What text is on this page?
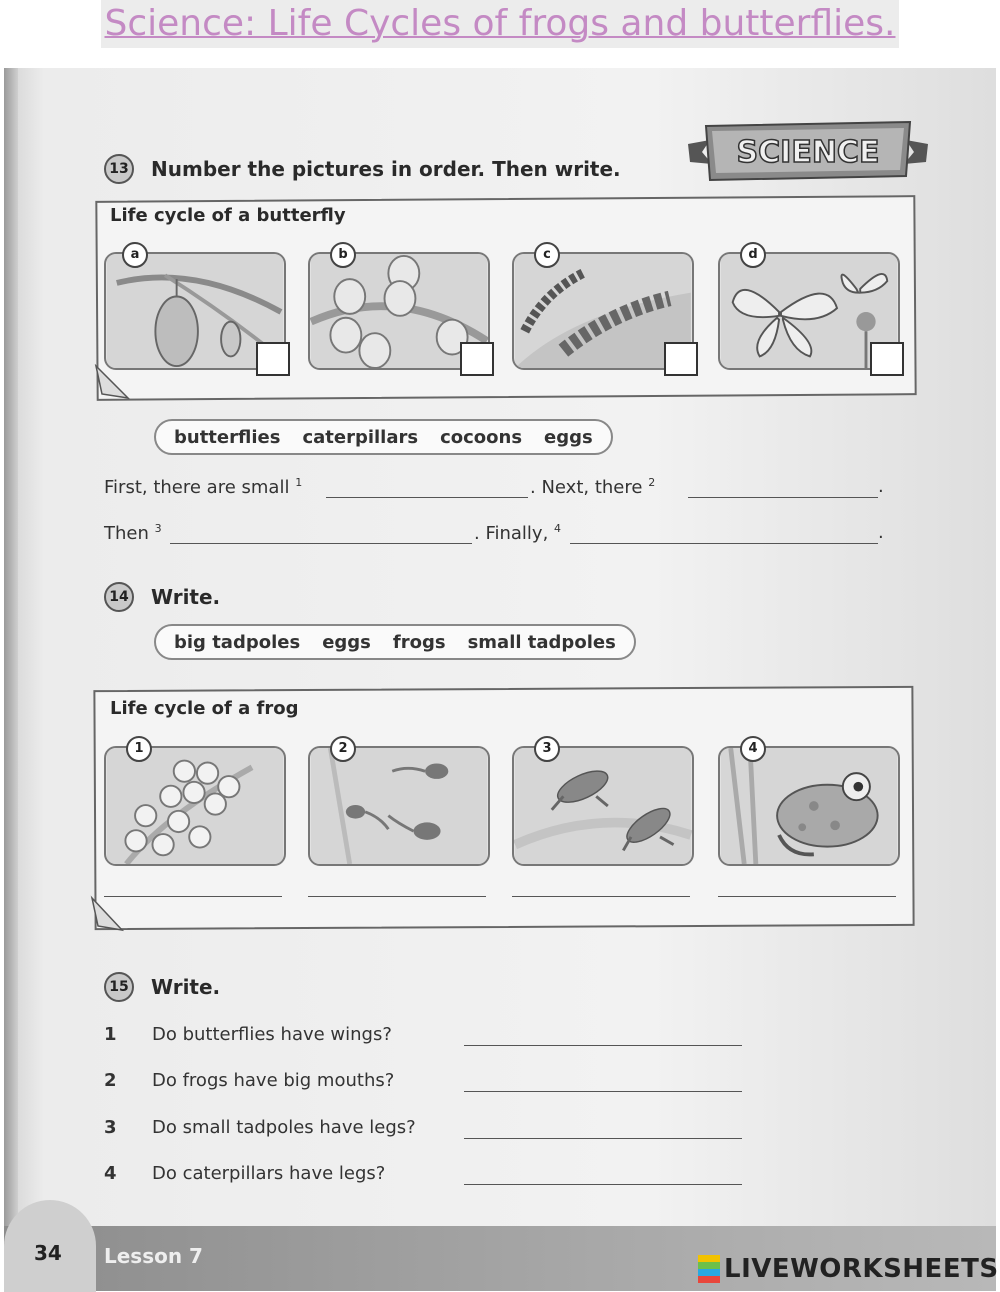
Science: Life Cycles of frogs and butterflies.
SCIENCE
13 Number the pictures in order. Then write.
Life cycle of a butterfly
a	b	c	d
butterflies caterpillars cocoons eggs
First, there are small $^1$	. Next, there $^2$	.
Then $^3$	. Finally, $^4$	.
14 Write.
big tadpoles eggs frogs small tadpoles
Life cycle of a frog
1	2	3	4
15 Write.
1 Do butterflies have wings?
2 Do frogs have big mouths?
3 Do small tadpoles have legs?
4 Do caterpillars have legs?
34 Lesson 7	LIVEWORKSHEETS
